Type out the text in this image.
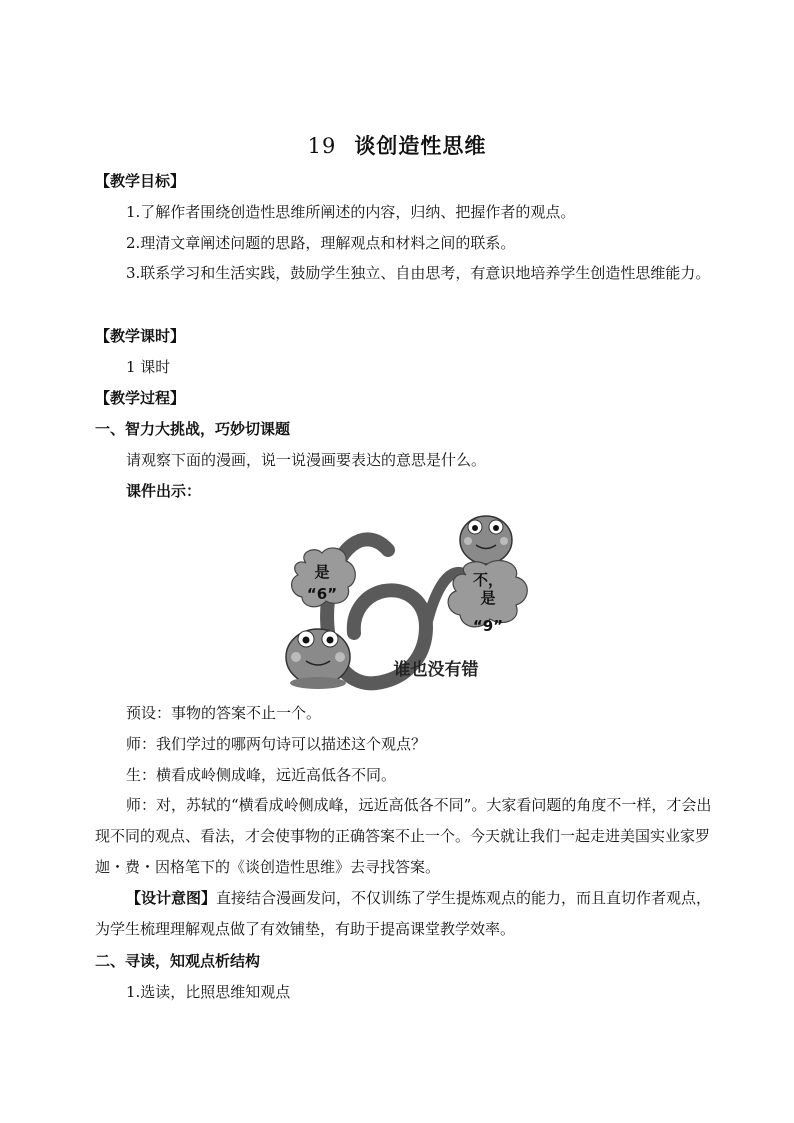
19 谈创造性思维
【教学目标】
1.了解作者围绕创造性思维所阐述的内容，归纳、把握作者的观点。
2.理清文章阐述问题的思路，理解观点和材料之间的联系。
3.联系学习和生活实践，鼓励学生独立、自由思考，有意识地培养学生创造性思维能力。
【教学课时】
1 课时
【教学过程】
一、智力大挑战，巧妙切课题
请观察下面的漫画，说一说漫画要表达的意思是什么。
课件出示：
不，
是
“9”
是
“6”
谁也没有错
预设：事物的答案不止一个。
师：我们学过的哪两句诗可以描述这个观点？
生：横看成岭侧成峰，远近高低各不同。
师：对，苏轼的“横看成岭侧成峰，远近高低各不同”。大家看问题的角度不一样，才会出现不同的观点、看法，才会使事物的正确答案不止一个。今天就让我们一起走进美国实业家罗迦・费・因格笔下的《谈创造性思维》去寻找答案。
【设计意图】直接结合漫画发问，不仅训练了学生提炼观点的能力，而且直切作者观点，为学生梳理理解观点做了有效铺垫，有助于提高课堂教学效率。
二、寻读，知观点析结构
1.选读，比照思维知观点
